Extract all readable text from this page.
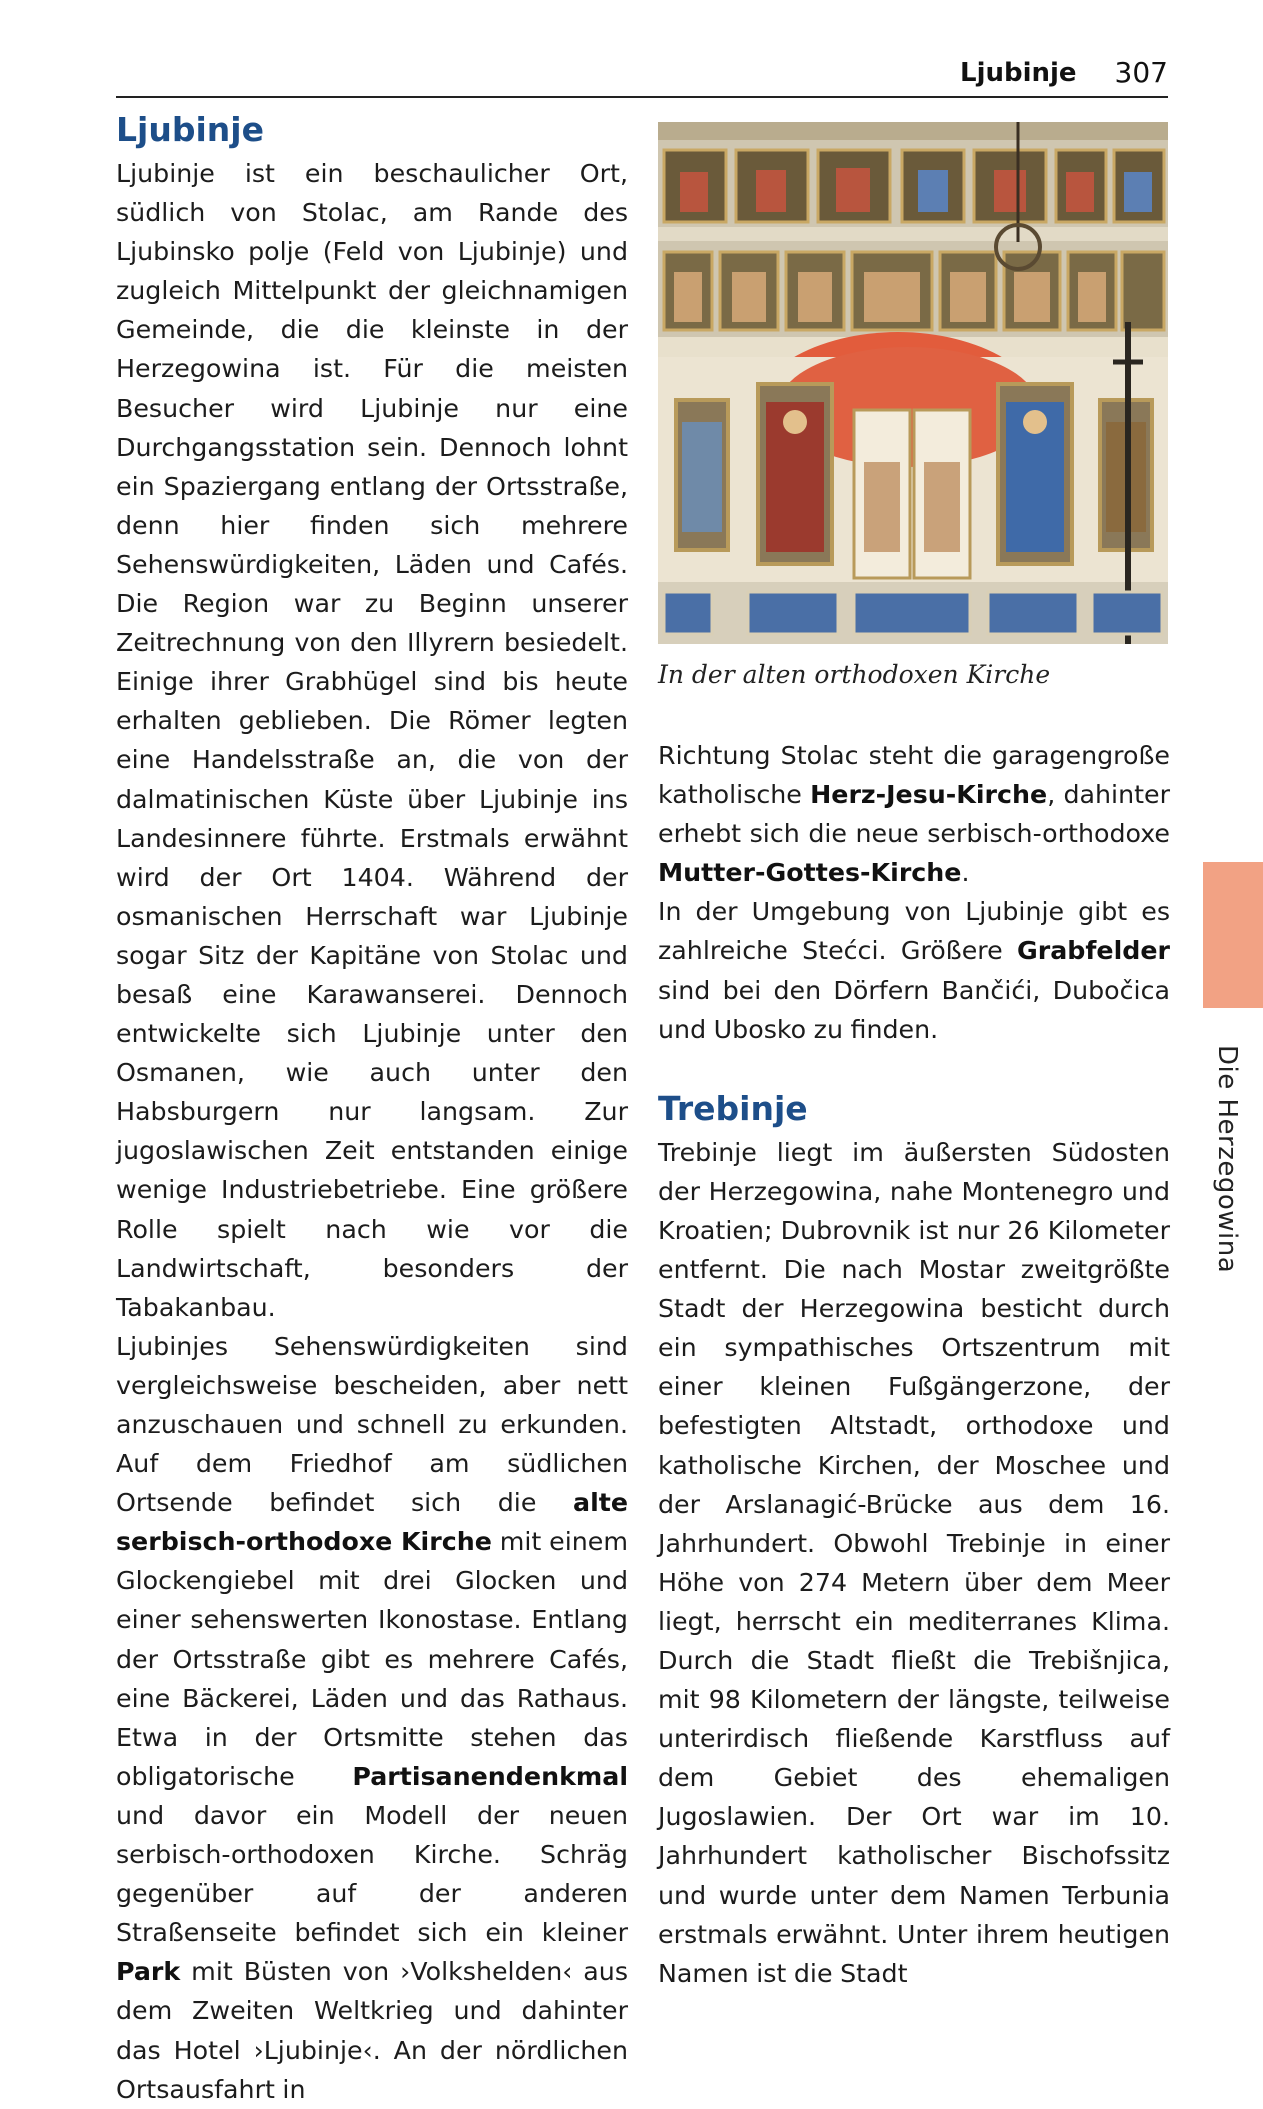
Ljubinje 307
Ljubinje

Ljubinje ist ein beschaulicher Ort, südlich von Stolac, am Rande des Ljubinsko polje (Feld von Ljubinje) und zugleich Mittelpunkt der gleichnamigen Gemeinde, die die kleinste in der Herzegowina ist. Für die meisten Besucher wird Ljubinje nur eine Durchgangsstation sein. Dennoch lohnt ein Spaziergang entlang der Ortsstraße, denn hier finden sich mehrere Sehenswürdigkeiten, Läden und Cafés. Die Region war zu Beginn unserer Zeitrechnung von den Illyrern besiedelt. Einige ihrer Grabhügel sind bis heute erhalten geblieben. Die Römer legten eine Handelsstraße an, die von der dalmatinischen Küste über Ljubinje ins Landesinnere führte. Erstmals erwähnt wird der Ort 1404. Während der osmanischen Herrschaft war Ljubinje sogar Sitz der Kapitäne von Stolac und besaß eine Karawanserei. Dennoch entwickelte sich Ljubinje unter den Osmanen, wie auch unter den Habsburgern nur langsam. Zur jugoslawischen Zeit entstanden einige wenige Industriebetriebe. Eine größere Rolle spielt nach wie vor die Landwirtschaft, besonders der Tabakanbau.

Ljubinjes Sehenswürdigkeiten sind vergleichsweise bescheiden, aber nett anzuschauen und schnell zu erkunden. Auf dem Friedhof am südlichen Ortsende befindet sich die alte serbisch-orthodoxe Kirche mit einem Glockengiebel mit drei Glocken und einer sehenswerten Ikonostase. Entlang der Ortsstraße gibt es mehrere Cafés, eine Bäckerei, Läden und das Rathaus. Etwa in der Ortsmitte stehen das obligatorische Partisanendenkmal und davor ein Modell der neuen serbisch-orthodoxen Kirche. Schräg gegenüber auf der anderen Straßenseite befindet sich ein kleiner Park mit Büsten von ›Volkshelden‹ aus dem Zweiten Weltkrieg und dahinter das Hotel ›Ljubinje‹. An der nördlichen Ortsausfahrt in

In der alten orthodoxen Kirche

Richtung Stolac steht die garagengroße katholische Herz-Jesu-Kirche, dahinter erhebt sich die neue serbisch-orthodoxe Mutter-Gottes-Kirche.

In der Umgebung von Ljubinje gibt es zahlreiche Stećci. Größere Grabfelder sind bei den Dörfern Bančići, Dubočica und Ubosko zu finden.

Trebinje

Trebinje liegt im äußersten Südosten der Herzegowina, nahe Montenegro und Kroatien; Dubrovnik ist nur 26 Kilometer entfernt. Die nach Mostar zweitgrößte Stadt der Herzegowina besticht durch ein sympathisches Ortszentrum mit einer kleinen Fußgängerzone, der befestigten Altstadt, orthodoxe und katholische Kirchen, der Moschee und der Arslanagić-Brücke aus dem 16. Jahrhundert. Obwohl Trebinje in einer Höhe von 274 Metern über dem Meer liegt, herrscht ein mediterranes Klima. Durch die Stadt fließt die Trebišnjica, mit 98 Kilometern der längste, teilweise unterirdisch fließende Karstfluss auf dem Gebiet des ehemaligen Jugoslawien. Der Ort war im 10. Jahrhundert katholischer Bischofssitz und wurde unter dem Namen Terbunia erstmals erwähnt. Unter ihrem heutigen Namen ist die Stadt

Die Herzegowina
